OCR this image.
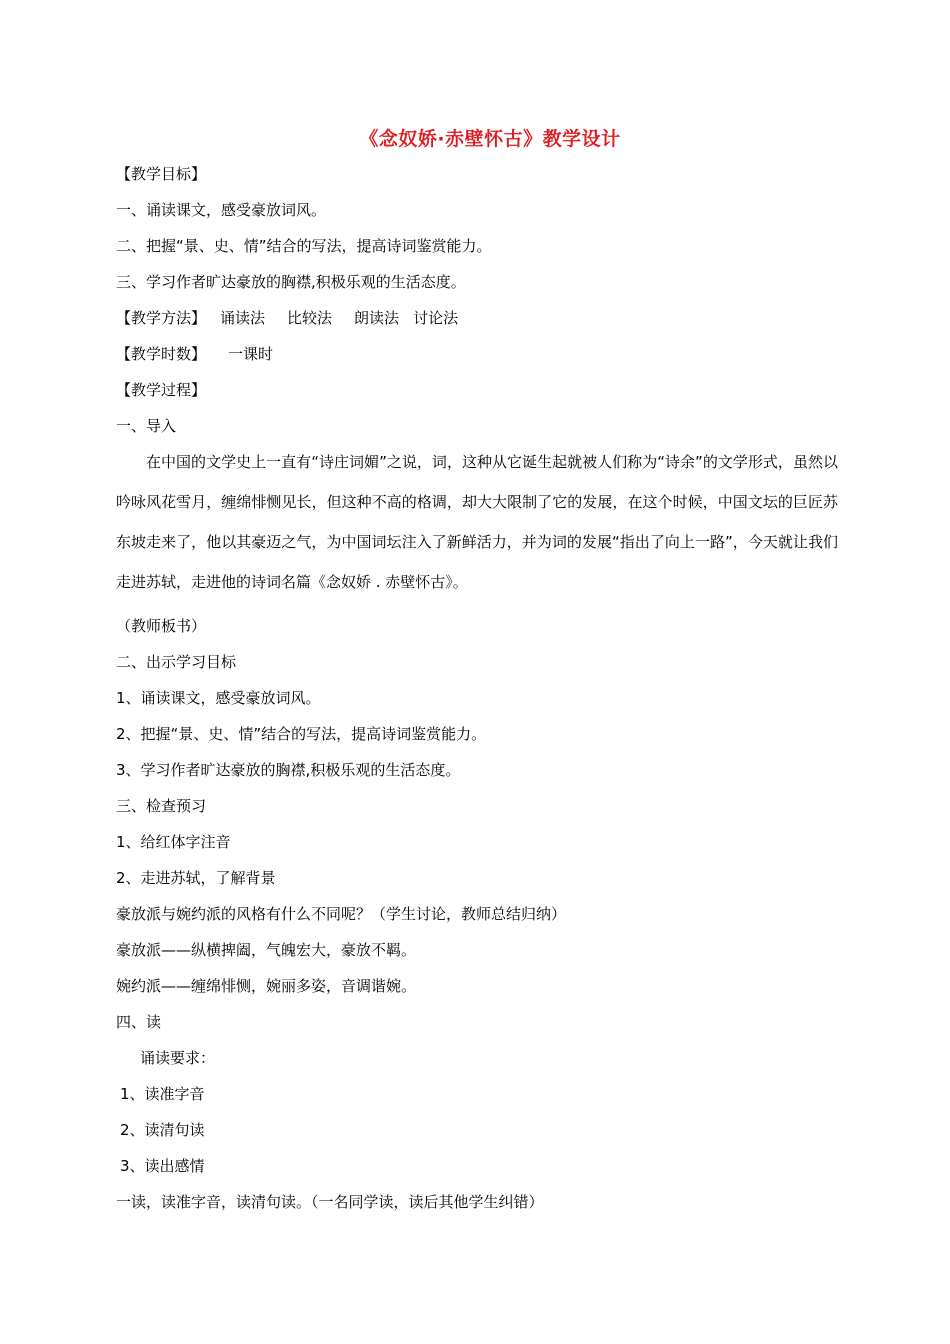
《念奴娇·赤壁怀古》教学设计
【教学目标】
一、诵读课文，感受豪放词风。
二、把握“景、史、情”结合的写法，提高诗词鉴赏能力。
三、学习作者旷达豪放的胸襟,积极乐观的生活态度。
【教学方法】 诵读法 比较法 朗读法 讨论法
【教学时数】 一课时
【教学过程】
一、导入
在中国的文学史上一直有“诗庄词媚”之说，词，这种从它诞生起就被人们称为“诗余”的文学形式，虽然以吟咏风花雪月，缠绵悱恻见长，但这种不高的格调，却大大限制了它的发展，在这个时候，中国文坛的巨匠苏东坡走来了，他以其豪迈之气，为中国词坛注入了新鲜活力，并为词的发展“指出了向上一路”，今天就让我们走进苏轼，走进他的诗词名篇《念奴娇 . 赤壁怀古》。
（教师板书）
二、出示学习目标
1、诵读课文，感受豪放词风。
2、把握“景、史、情”结合的写法，提高诗词鉴赏能力。
3、学习作者旷达豪放的胸襟,积极乐观的生活态度。
三、检查预习
1、给红体字注音
2、走进苏轼，了解背景
豪放派与婉约派的风格有什么不同呢？（学生讨论，教师总结归纳）
豪放派——纵横捭阖，气魄宏大，豪放不羁。
婉约派——缠绵悱恻，婉丽多姿，音调谐婉。
四、读
诵读要求：
1、读准字音
2、读清句读
3、读出感情
一读，读准字音，读清句读。（一名同学读，读后其他学生纠错）
